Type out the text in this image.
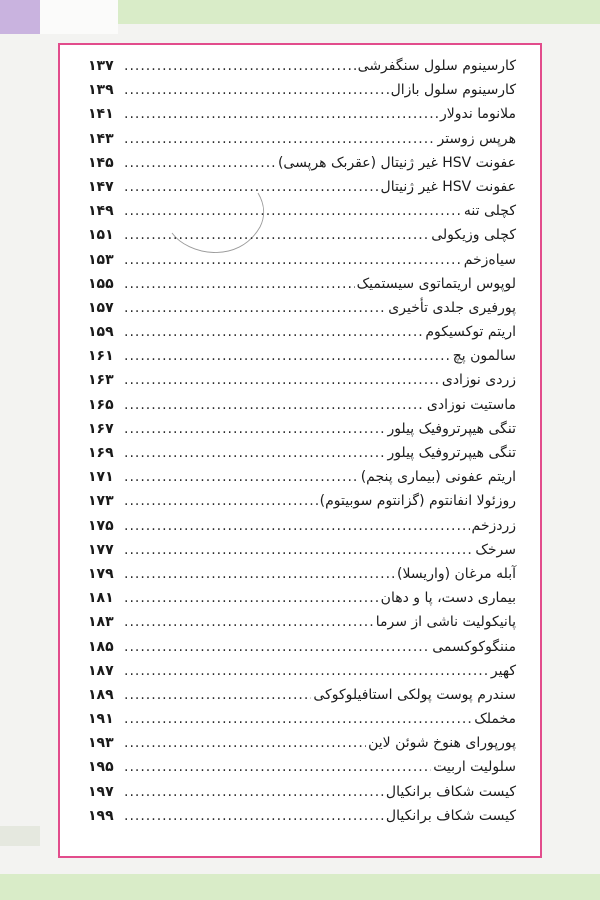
کارسینوم سلول سنگفرشی
.....
۱۳۷
کارسینوم سلول بازال
.....
۱۳۹
ملانوما ندولار
.....
۱۴۱
هرپس زوستر
.....
۱۴۳
عفونت HSV غیر ژنیتال (عقربک هرپسی)
.....
۱۴۵
عفونت HSV غیر ژنیتال
.....
۱۴۷
کچلی تنه
.....
۱۴۹
کچلی وزیکولی
.....
۱۵۱
سیاه‌زخم
.....
۱۵۳
لوپوس اریتماتوی سیستمیک
.....
۱۵۵
پورفیری جلدی تأخیری
.....
۱۵۷
اریتم توکسیکوم
.....
۱۵۹
سالمون پچ
.....
۱۶۱
زردی نوزادی
.....
۱۶۳
ماستیت نوزادی
.....
۱۶۵
تنگی هیپرتروفیک پیلور
.....
۱۶۷
تنگی هیپرتروفیک پیلور
.....
۱۶۹
اریتم عفونی (بیماری پنجم)
.....
۱۷۱
روزئولا انفانتوم (گزانتوم سوبیتوم)
.....
۱۷۳
زردزخم
.....
۱۷۵
سرخک
.....
۱۷۷
آبله مرغان (واریسلا)
.....
۱۷۹
بیماری دست، پا و دهان
.....
۱۸۱
پانیکولیت ناشی از سرما
.....
۱۸۳
مننگوکوکسمی
.....
۱۸۵
کهیر
.....
۱۸۷
سندرم پوست پولکی استافیلوکوکی
.....
۱۸۹
مخملک
.....
۱۹۱
پورپورای هنوخ شوئن لاین
.....
۱۹۳
سلولیت اربیت
.....
۱۹۵
کیست شکاف برانکیال
.....
۱۹۷
کیست شکاف برانکیال
.....
۱۹۹
